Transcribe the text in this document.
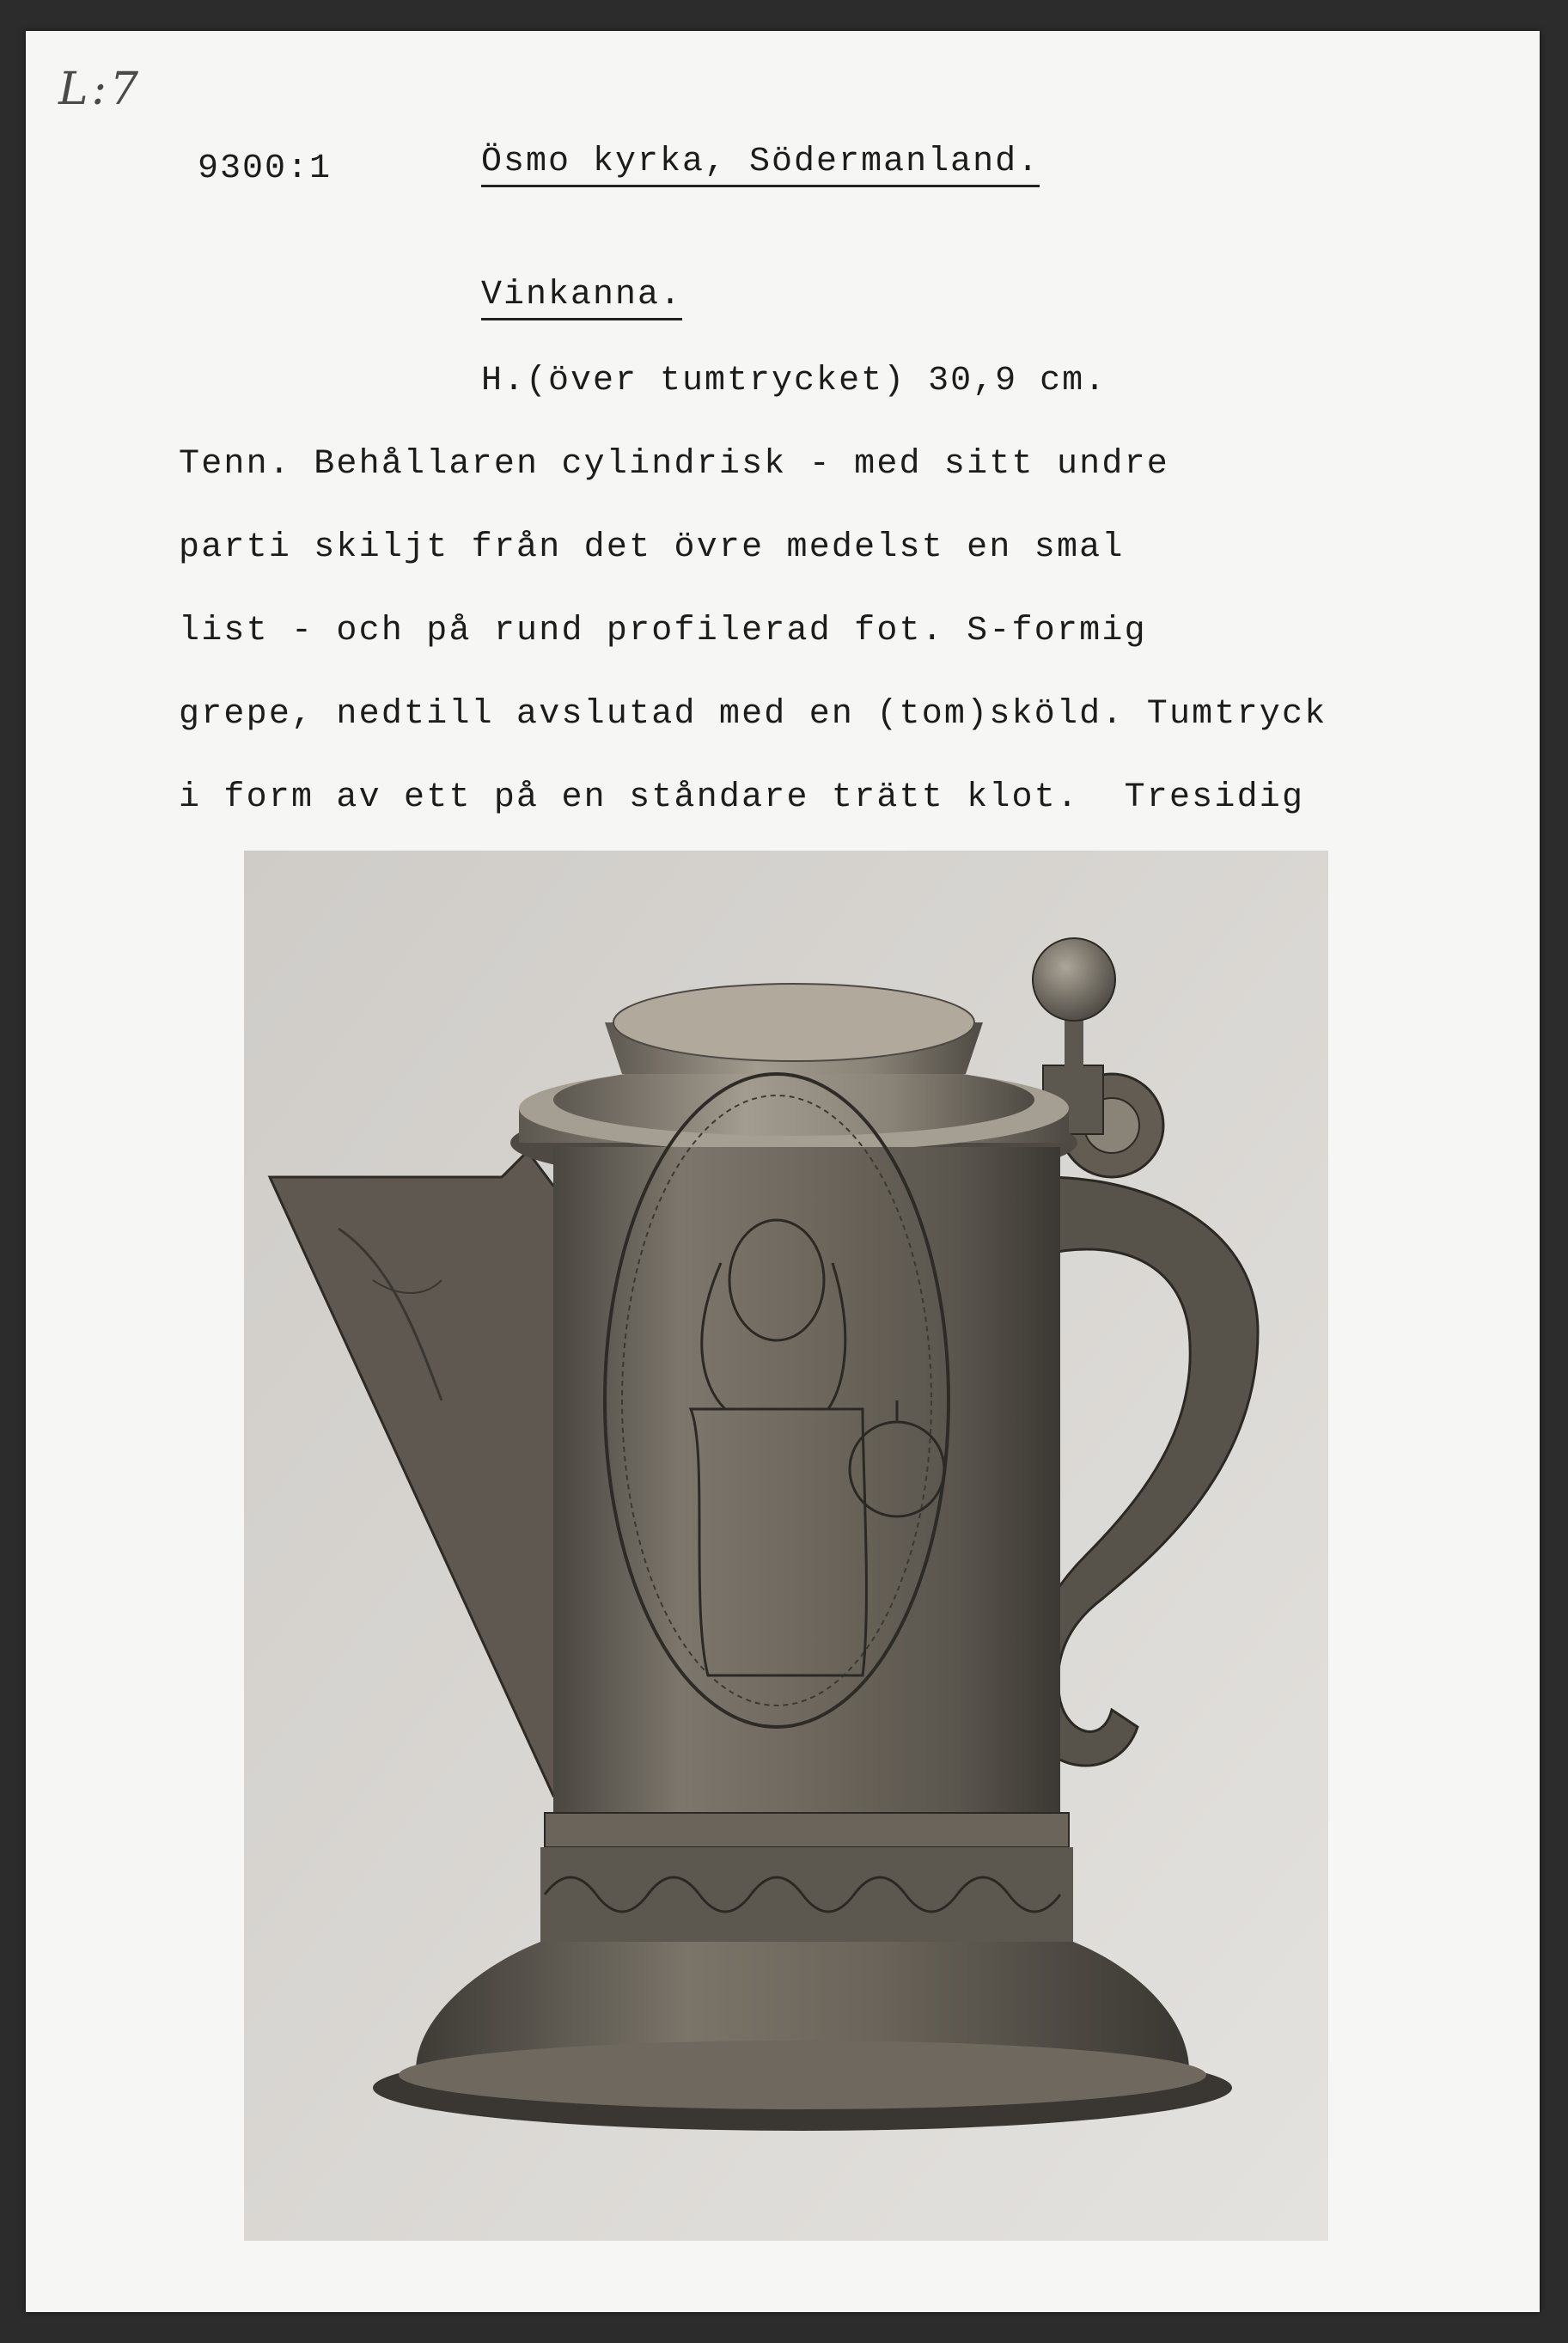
L:7
9300:1	Ösmo kyrka, Södermanland.
Vinkanna.
H.(över tumtrycket) 30,9 cm.
Tenn. Behållaren cylindrisk - med sitt undre
parti skiljt från det övre medelst en smal
list - och på rund profilerad fot. S-formig
grepe, nedtill avslutad med en (tom)sköld. Tumtryck
i form av ett på en ståndare trätt klot.  Tresidig
